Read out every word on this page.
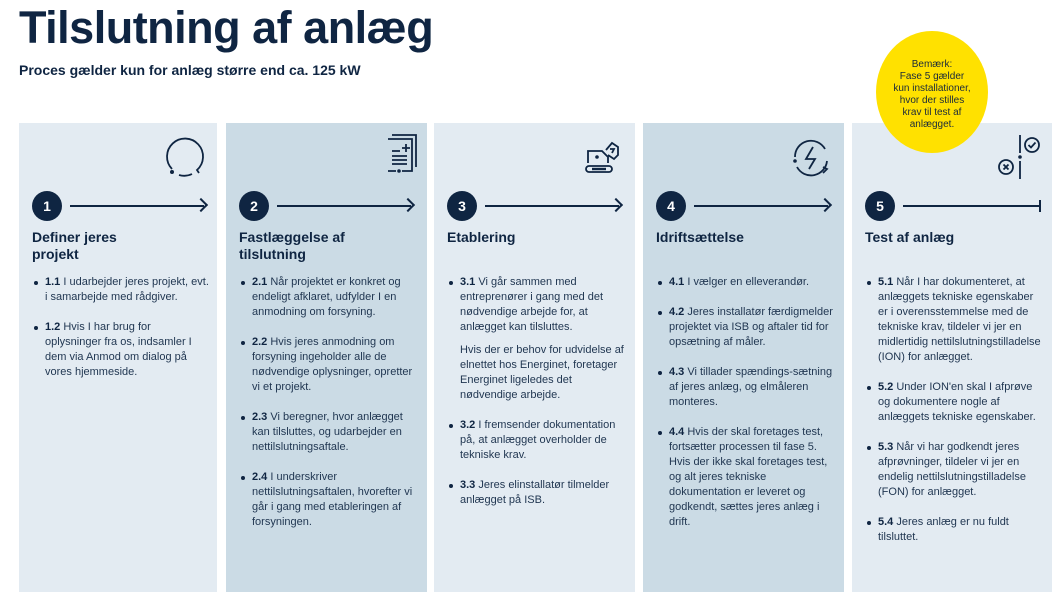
Tilslutning af anlæg
Proces gælder kun for anlæg større end ca. 125 kW	Bemærk:
Fase 5 gælder
kun installationer,
hvor der stilles
krav til test af
anlægget.
1
Definer jeres projekt
1.1 I udarbejder jeres projekt, evt. i samarbejde med rådgiver.
1.2 Hvis I har brug for oplysninger fra os, indsamler I dem via Anmod om dialog på vores hjemmeside.
2
Fastlæggelse af tilslutning
2.1 Når projektet er konkret og endeligt afklaret, udfylder I en anmodning om forsyning.
2.2 Hvis jeres anmodning om forsyning ingeholder alle de nødvendige oplysninger, opretter vi et projekt.
2.3 Vi beregner, hvor anlægget kan tilsluttes, og udarbejder en nettilslutningsaftale.
2.4 I underskriver nettilslutningsaftalen, hvorefter vi går i gang med etableringen af forsyningen.
3
Etablering
3.1 Vi går sammen med entreprenører i gang med det nødvendige arbejde for, at anlægget kan tilsluttes.
Hvis der er behov for udvidelse af elnettet hos Energinet, foretager Energinet ligeledes det nødvendige arbejde.
3.2 I fremsender dokumentation på, at anlægget overholder de tekniske krav.
3.3 Jeres elinstallatør tilmelder anlægget på ISB.
4
Idriftsættelse
4.1 I vælger en elleverandør.
4.2 Jeres installatør færdigmelder projektet via ISB og aftaler tid for opsætning af måler.
4.3 Vi tillader spændings-sætning af jeres anlæg, og elmåleren monteres.
4.4 Hvis der skal foretages test, fortsætter processen til fase 5. Hvis der ikke skal foretages test, og alt jeres tekniske dokumentation er leveret og godkendt, sættes jeres anlæg i drift.
5
Test af anlæg
5.1 Når I har dokumenteret, at anlæggets tekniske egenskaber er i overensstemmelse med de tekniske krav, tildeler vi jer en midlertidig nettilslutningstilladelse (ION) for anlægget.
5.2 Under ION'en skal I afprøve og dokumentere nogle af anlæggets tekniske egenskaber.
5.3 Når vi har godkendt jeres afprøvninger, tildeler vi jer en endelig nettilslutningstilladelse (FON) for anlægget.
5.4 Jeres anlæg er nu fuldt tilsluttet.
